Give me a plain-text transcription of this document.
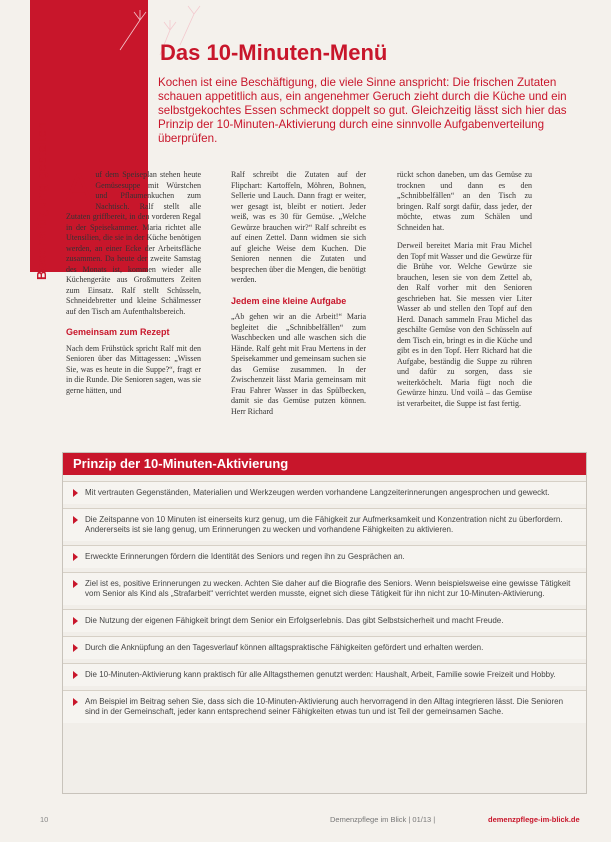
Beschäftigung gestalten
Das 10-Minuten-Menü

Kochen ist eine Beschäftigung, die viele Sinne anspricht: Die frischen Zutaten schauen appetitlich aus, ein angenehmer Geruch zieht durch die Küche und ein selbstgekochtes Essen schmeckt doppelt so gut. Gleichzeitig lässt sich hier das Prinzip der 10-Minuten-Aktivierung durch eine sinnvolle Aufgabenverteilung überprüfen.

Auf dem Speiseplan stehen heute Gemüsesuppe mit Würstchen und Pflaumenkuchen zum Nachtisch. Ralf stellt alle Zutaten griffbereit, in den vorderen Regal in der Speisekammer. Maria richtet alle Utensilien, die sie in der Küche benötigen werden, an einer Ecke der Arbeitsfläche zusammen. Da heute der zweite Samstag des Monats ist, kommen wieder alle Küchengeräte aus Großmutters Zeiten zum Einsatz. Ralf stellt Schüsseln, Schneidebretter und kleine Schälmesser auf den Tisch am Aufenthaltsbereich.

Gemeinsam zum Rezept

Nach dem Frühstück spricht Ralf mit den Senioren über das Mittagessen: „Wissen Sie, was es heute in die Suppe?“, fragt er in die Runde. Die Senioren sagen, was sie gerne hätten, und

Ralf schreibt die Zutaten auf der Flipchart: Kartoffeln, Möhren, Bohnen, Sellerie und Lauch. Dann fragt er weiter, wer gesagt ist, bleibt er notiert. Jeder weiß, was es 30 für Gemüse. „Welche Gewürze brauchen wir?“ Ralf schreibt es auf einen Zettel. Dann widmen sie sich auf gleiche Weise dem Kuchen. Die Senioren nennen die Zutaten und besprechen über die Mengen, die benötigt werden.

Jedem eine kleine Aufgabe

„Ab gehen wir an die Arbeit!“ Maria begleitet die „Schnibbelfällen“ zum Waschbecken und alle waschen sich die Hände. Ralf geht mit Frau Mertens in der Speisekammer und gemeinsam suchen sie das Gemüse zusammen. In der Zwischenzeit lässt Maria gemeinsam mit Frau Fahrer Wasser in das Spülbecken, damit sie das Gemüse putzen können. Herr Richard

rückt schon daneben, um das Gemüse zu trocknen und dann es den „Schnibbelfällen“ an den Tisch zu bringen. Ralf sorgt dafür, dass jeder, der möchte, etwas zum Schälen und Schneiden hat.

Derweil bereitet Maria mit Frau Michel den Topf mit Wasser und die Gewürze für die Brühe vor. Welche Gewürze sie brauchen, lesen sie von dem Zettel ab, den Ralf vorher mit den Senioren geschrieben hat. Sie messen vier Liter Wasser ab und stellen den Topf auf den Herd. Danach sammeln Frau Michel das geschälte Gemüse von den Schüsseln auf dem Tisch ein, bringt es in die Küche und gibt es in den Topf. Herr Richard hat die Aufgabe, beständig die Suppe zu rühren und dafür zu sorgen, dass sie weiterköchelt. Maria fügt noch die Gewürze hinzu. Und voilà – das Gemüse ist verarbeitet, die Suppe ist fast fertig.

Prinzip der 10-Minuten-Aktivierung
Mit vertrauten Gegenständen, Materialien und Werkzeugen werden vorhandene Langzeiterinnerungen angesprochen und geweckt.
Die Zeitspanne von 10 Minuten ist einerseits kurz genug, um die Fähigkeit zur Aufmerksamkeit und Konzentration nicht zu überfordern. Andererseits ist sie lang genug, um Erinnerungen zu wecken und vorhandene Fähigkeiten zu aktivieren.
Erweckte Erinnerungen fördern die Identität des Seniors und regen ihn zu Gesprächen an.
Ziel ist es, positive Erinnerungen zu wecken. Achten Sie daher auf die Biografie des Seniors. Wenn beispielsweise eine gewisse Tätigkeit vom Senior als Kind als „Strafarbeit“ verrichtet werden musste, eignet sich diese Tätigkeit für ihn nicht zur 10-Minuten-Aktivierung.
Die Nutzung der eigenen Fähigkeit bringt dem Senior ein Erfolgserlebnis. Das gibt Selbstsicherheit und macht Freude.
Durch die Anknüpfung an den Tagesverlauf können alltagspraktische Fähigkeiten gefördert und erhalten werden.
Die 10-Minuten-Aktivierung kann praktisch für alle Alltagsthemen genutzt werden: Haushalt, Arbeit, Familie sowie Freizeit und Hobby.
Am Beispiel im Beitrag sehen Sie, dass sich die 10-Minuten-Aktivierung auch hervorragend in den Alltag integrieren lässt. Die Senioren sind in der Gemeinschaft, jeder kann entsprechend seiner Fähigkeiten etwas tun und ist Teil der gemeinsamen Sache.
10	Demenzpflege im Blick | 01/13 |	demenzpflege-im-blick.de
